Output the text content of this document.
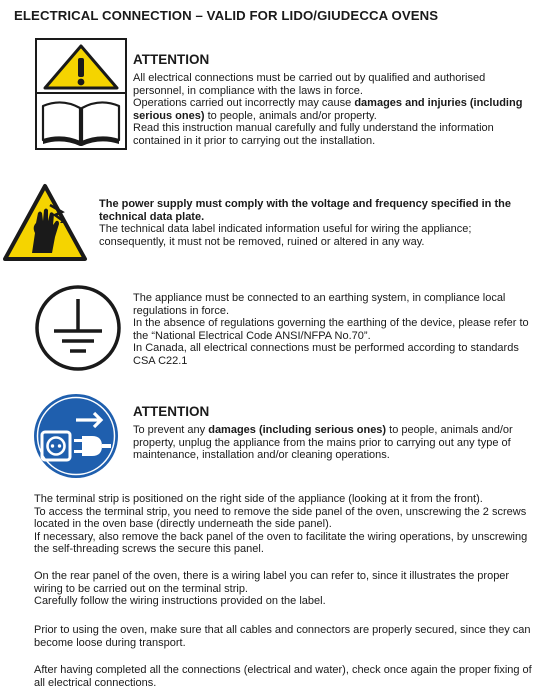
ELECTRICAL CONNECTION – VALID FOR LIDO/GIUDECCA OVENS
ATTENTION

All electrical connections must be carried out by qualified and authorised personnel, in compliance with the laws in force.

Operations carried out incorrectly may cause damages and injuries (including serious ones) to people, animals and/or property.

Read this instruction manual carefully and fully understand the information contained in it prior to carrying out the installation.

The power supply must comply with the voltage and frequency specified in the technical data plate.

The technical data label indicated information useful for wiring the appliance; consequently, it must not be removed, ruined or altered in any way.

The appliance must be connected to an earthing system, in compliance local regulations in force.

In the absence of regulations governing the earthing of the device, please refer to the “National Electrical Code ANSI/NFPA No.70”.

In Canada, all electrical connections must be performed according to standards CSA C22.1

ATTENTION

To prevent any damages (including serious ones) to people, animals and/or property, unplug the appliance from the mains prior to carrying out any type of maintenance, installation and/or cleaning operations.

The terminal strip is positioned on the right side of the appliance (looking at it from the front).

To access the terminal strip, you need to remove the side panel of the oven, unscrewing the 2 screws located in the oven base (directly underneath the side panel).

If necessary, also remove the back panel of the oven to facilitate the wiring operations, by unscrewing the self-threading screws the secure this panel.

On the rear panel of the oven, there is a wiring label you can refer to, since it illustrates the proper wiring to be carried out on the terminal strip.

Carefully follow the wiring instructions provided on the label.

Prior to using the oven, make sure that all cables and connectors are properly secured, since they can become loose during transport.

After having completed all the connections (electrical and water), check once again the proper fixing of all electrical connections.
